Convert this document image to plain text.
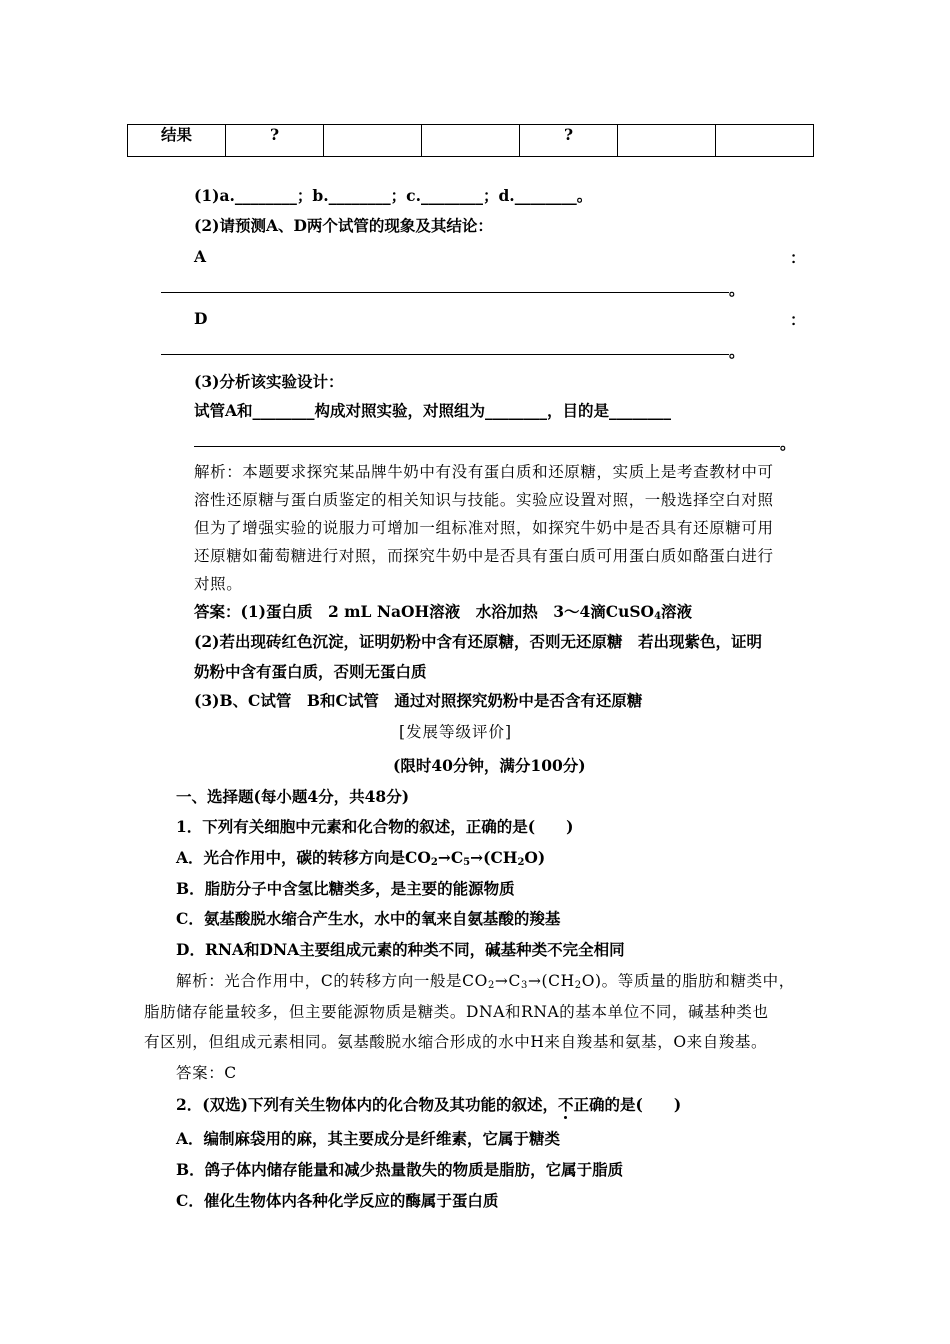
结果	?			?		
(1)a.________；b.________；c.________；d.________。
(2)请预测A、D两个试管的现象及其结论：
A	：
。
D	：
。
(3)分析该实验设计：
试管A和________构成对照实验，对照组为________，目的是________
。
解析：本题要求探究某品牌牛奶中有没有蛋白质和还原糖，实质上是考查教材中可
溶性还原糖与蛋白质鉴定的相关知识与技能。实验应设置对照，一般选择空白对照
但为了增强实验的说服力可增加一组标准对照，如探究牛奶中是否具有还原糖可用
还原糖如葡萄糖进行对照，而探究牛奶中是否具有蛋白质可用蛋白质如酪蛋白进行
对照。
答案：(1)蛋白质　2 mL NaOH溶液　水浴加热　3～4滴CuSO$_4$溶液
(2)若出现砖红色沉淀，证明奶粉中含有还原糖，否则无还原糖　若出现紫色，证明
奶粉中含有蛋白质，否则无蛋白质
(3)B、C试管　B和C试管　通过对照探究奶粉中是否含有还原糖
[发展等级评价]
(限时40分钟，满分100分)
一、选择题(每小题4分，共48分)
1．下列有关细胞中元素和化合物的叙述，正确的是(　　)
A．光合作用中，碳的转移方向是$CO_2\to C_5\to(CH_2O)$
B．脂肪分子中含氢比糖类多，是主要的能源物质
C．氨基酸脱水缩合产生水，水中的氧来自氨基酸的羧基
D．RNA和DNA主要组成元素的种类不同，碱基种类不完全相同
解析：光合作用中，C的转移方向一般是$CO_2\to C_3\to(CH_2O)$。等质量的脂肪和糖类中，
脂肪储存能量较多，但主要能源物质是糖类。DNA和RNA的基本单位不同，碱基种类也
有区别，但组成元素相同。氨基酸脱水缩合形成的水中H来自羧基和氨基，O来自羧基。
答案：C
2．(双选)下列有关生物体内的化合物及其功能的叙述，不正确的是(　　)
A．编制麻袋用的麻，其主要成分是纤维素，它属于糖类
B．鸽子体内储存能量和减少热量散失的物质是脂肪，它属于脂质
C．催化生物体内各种化学反应的酶属于蛋白质
